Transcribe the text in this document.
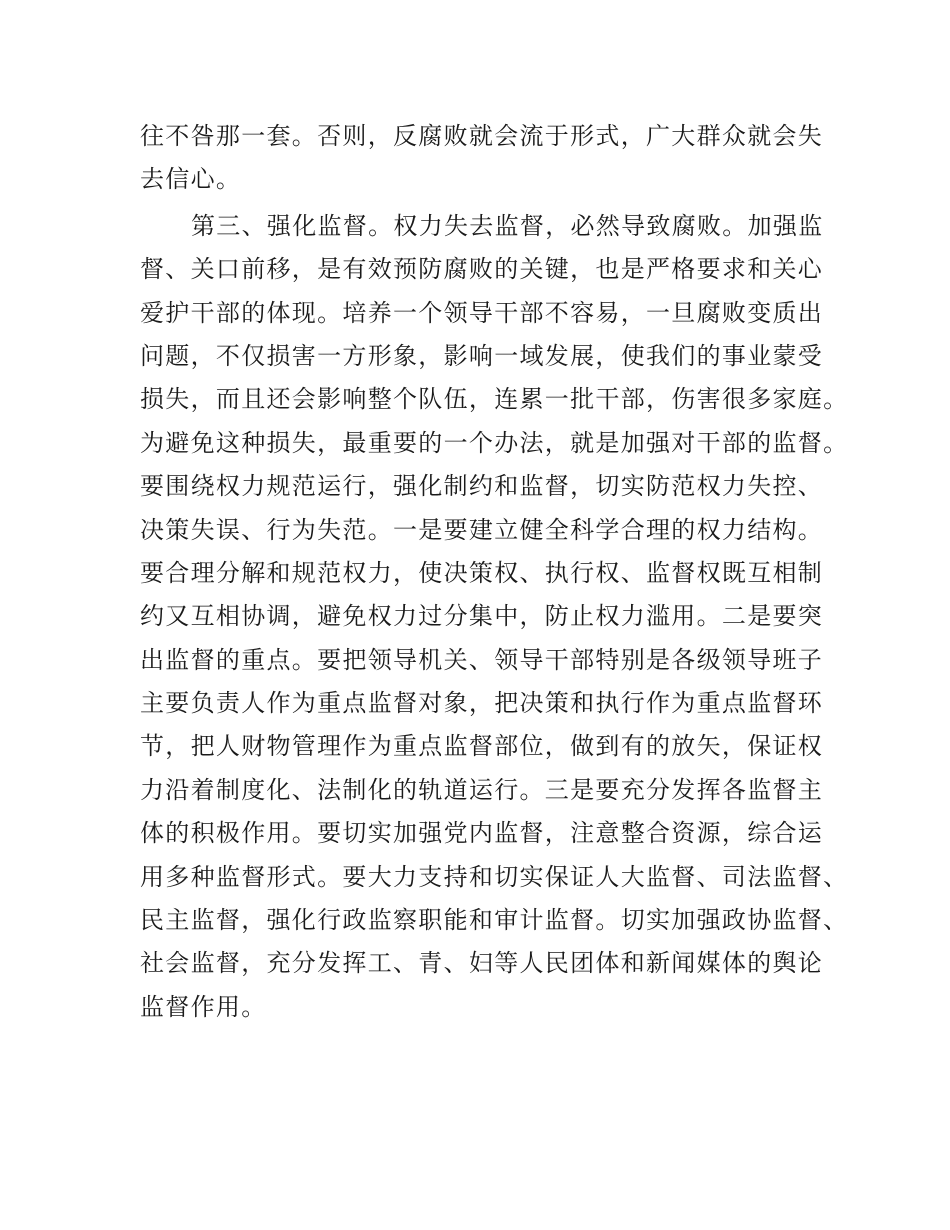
往不咎那一套。否则，反腐败就会流于形式，广大群众就会失
去信心。
第三、强化监督。权力失去监督，必然导致腐败。加强监
督、关口前移，是有效预防腐败的关键，也是严格要求和关心
爱护干部的体现。培养一个领导干部不容易，一旦腐败变质出
问题，不仅损害一方形象，影响一域发展，使我们的事业蒙受
损失，而且还会影响整个队伍，连累一批干部，伤害很多家庭。
为避免这种损失，最重要的一个办法，就是加强对干部的监督。
要围绕权力规范运行，强化制约和监督，切实防范权力失控、
决策失误、行为失范。一是要建立健全科学合理的权力结构。
要合理分解和规范权力，使决策权、执行权、监督权既互相制
约又互相协调，避免权力过分集中，防止权力滥用。二是要突
出监督的重点。要把领导机关、领导干部特别是各级领导班子
主要负责人作为重点监督对象，把决策和执行作为重点监督环
节，把人财物管理作为重点监督部位，做到有的放矢，保证权
力沿着制度化、法制化的轨道运行。三是要充分发挥各监督主
体的积极作用。要切实加强党内监督，注意整合资源，综合运
用多种监督形式。要大力支持和切实保证人大监督、司法监督、
民主监督，强化行政监察职能和审计监督。切实加强政协监督、
社会监督，充分发挥工、青、妇等人民团体和新闻媒体的舆论
监督作用。
